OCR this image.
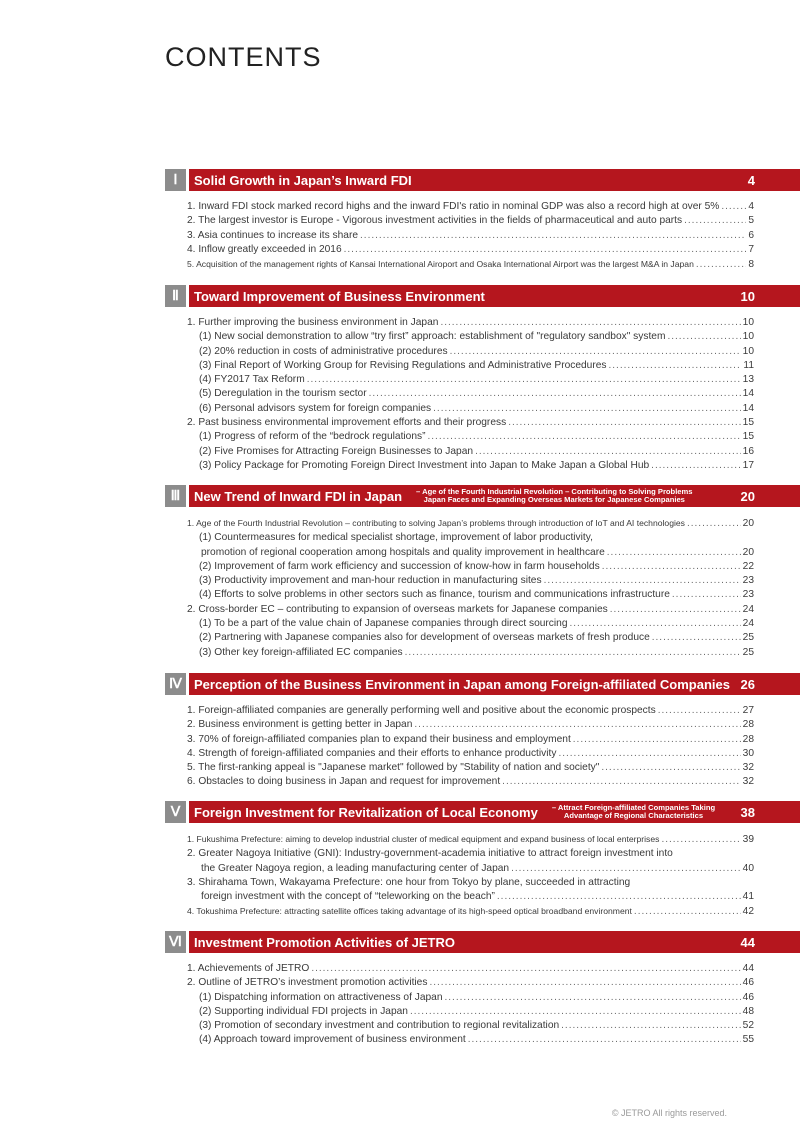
CONTENTS
Ⅰ	Solid Growth in Japan’s Inward FDI	4
1. Inward FDI stock marked record highs and the inward FDI's ratio in nominal GDP was also a record high at over 5% .....	4
2. The largest investor is Europe - Vigorous investment activities in the fields of pharmaceutical and auto parts .....	5
3. Asia continues to increase its share .....	6
4. Inflow greatly exceeded in 2016 .....	7
5. Acquisition of the management rights of Kansai International Airoport and Osaka International Airport was the largest M&A in Japan .....	8
Ⅱ	Toward Improvement of Business Environment	10
1. Further improving the business environment in Japan .....	10
(1) New social demonstration to allow “try first” approach: establishment of "regulatory sandbox" system .....	10
(2) 20% reduction in costs of administrative procedures .....	10
(3) Final Report of Working Group for Revising Regulations and Administrative Procedures .....	11
(4) FY2017 Tax Reform .....	13
(5) Deregulation in the tourism sector .....	14
(6) Personal advisors system for foreign companies .....	14
2. Past business environmental improvement efforts and their progress .....	15
(1) Progress of reform of the “bedrock regulations” .....	15
(2) Five Promises for Attracting Foreign Businesses to Japan .....	16
(3) Policy Package for Promoting Foreign Direct Investment into Japan to Make Japan a Global Hub .....	17
Ⅲ	New Trend of Inward FDI in Japan – Age of the Fourth Industrial Revolution – Contributing to Solving Problems
Japan Faces and Expanding Overseas Markets for Japanese Companies	20
1. Age of the Fourth Industrial Revolution – contributing to solving Japan’s problems through introduction of IoT and AI technologies .....	20
(1) Countermeasures for medical specialist shortage, improvement of labor productivity,
promotion of regional cooperation among hospitals and quality improvement in healthcare .....	20
(2) Improvement of farm work efficiency and succession of know-how in farm households .....	22
(3) Productivity improvement and man-hour reduction in manufacturing sites .....	23
(4) Efforts to solve problems in other sectors such as finance, tourism and communications infrastructure .....	23
2. Cross-border EC – contributing to expansion of overseas markets for Japanese companies .....	24
(1) To be a part of the value chain of Japanese companies through direct sourcing .....	24
(2) Partnering with Japanese companies also for development of overseas markets of fresh produce .....	25
(3) Other key foreign-affiliated EC companies .....	25
Ⅳ Perception of the Business Environment in Japan among Foreign-affiliated Companies 26
1. Foreign-affiliated companies are generally performing well and positive about the economic prospects .....	27
2. Business environment is getting better in Japan .....	28
3. 70% of foreign-affiliated companies plan to expand their business and employment .....	28
4. Strength of foreign-affiliated companies and their efforts to enhance productivity .....	30
5. The first-ranking appeal is "Japanese market" followed by "Stability of nation and society" .....	32
6. Obstacles to doing business in Japan and request for improvement .....	32
Ⅴ	Foreign Investment for Revitalization of Local Economy – Attract Foreign-affiliated Companies Taking
Advantage of Regional Characteristics	38
1. Fukushima Prefecture: aiming to develop industrial cluster of medical equipment and expand business of local enterprises .....	39
2. Greater Nagoya Initiative (GNI): Industry-government-academia initiative to attract foreign investment into
the Greater Nagoya region, a leading manufacturing center of Japan .....	40
3. Shirahama Town, Wakayama Prefecture: one hour from Tokyo by plane, succeeded in attracting
foreign investment with the concept of “teleworking on the beach” .....	41
4. Tokushima Prefecture: attracting satellite offices taking advantage of its high-speed optical broadband environment .....	42
Ⅵ Investment Promotion Activities of JETRO	44
1. Achievements of JETRO .....	44
2. Outline of JETRO’s investment promotion activities .....	46
(1) Dispatching information on attractiveness of Japan .....	46
(2) Supporting individual FDI projects in Japan .....	48
(3) Promotion of secondary investment and contribution to regional revitalization .....	52
(4) Approach toward improvement of business environment .....	55
© JETRO All rights reserved.
